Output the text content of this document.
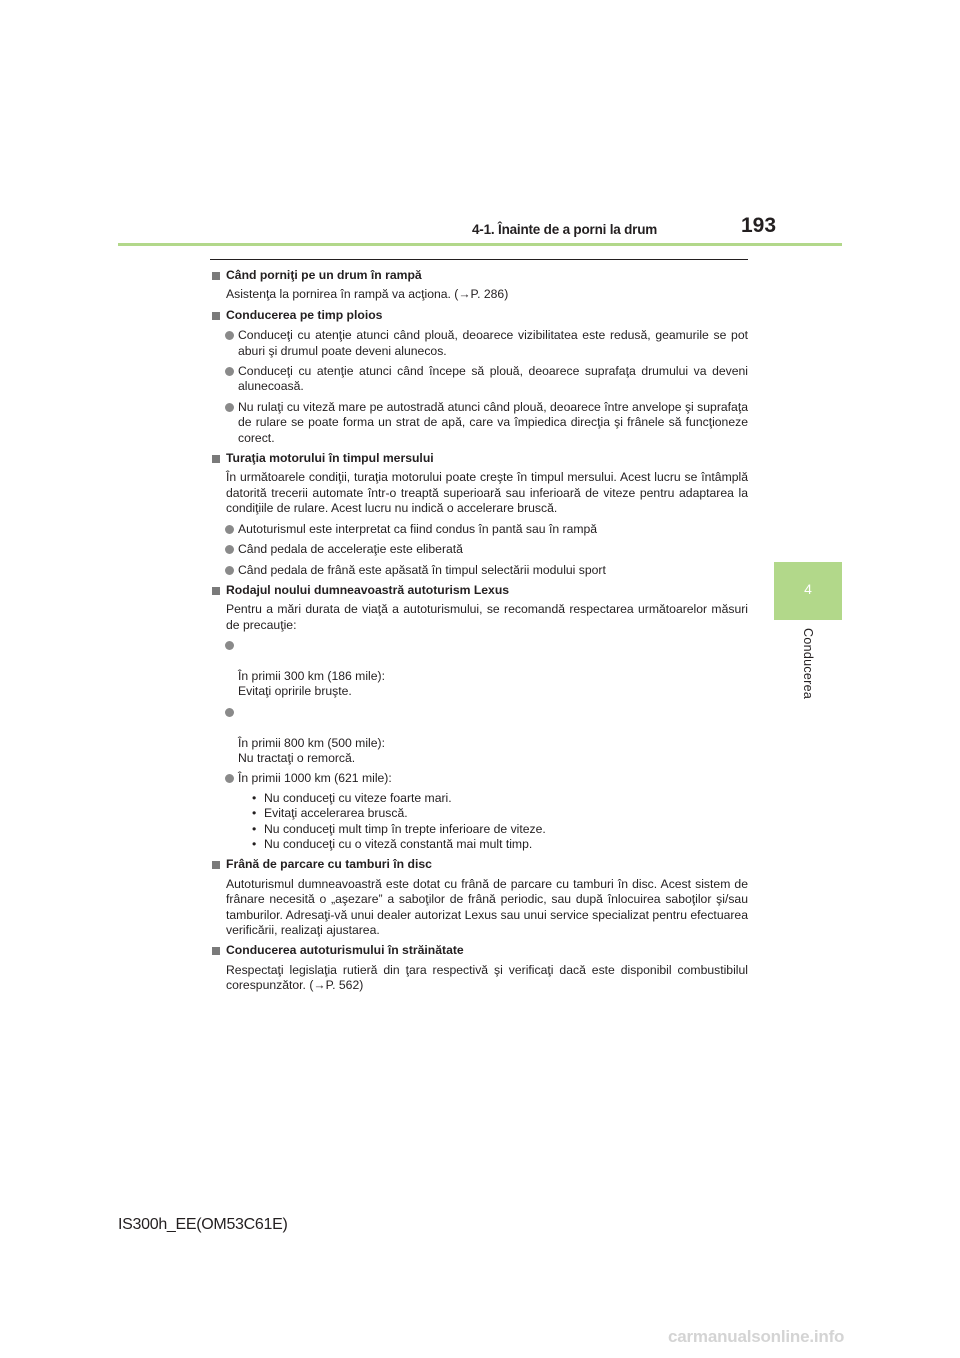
4-1. Înainte de a porni la drum	193
4
Conducerea
Când porniţi pe un drum în rampă
Asistenţa la pornirea în rampă va acţiona. (→P. 286)
Conducerea pe timp ploios
Conduceţi cu atenţie atunci când plouă, deoarece vizibilitatea este redusă, geamurile se pot aburi şi drumul poate deveni alunecos.
Conduceţi cu atenţie atunci când începe să plouă, deoarece suprafaţa drumului va deveni alunecoasă.
Nu rulaţi cu viteză mare pe autostradă atunci când plouă, deoarece între anvelope şi suprafaţa de rulare se poate forma un strat de apă, care va împiedica direcţia şi frânele să funcţioneze corect.
Turaţia motorului în timpul mersului
În următoarele condiţii, turaţia motorului poate creşte în timpul mersului. Acest lucru se întâmplă datorită trecerii automate într-o treaptă superioară sau inferioară de viteze pentru adaptarea la condiţiile de rulare. Acest lucru nu indică o accelerare bruscă.
Autoturismul este interpretat ca fiind condus în pantă sau în rampă
Când pedala de acceleraţie este eliberată
Când pedala de frână este apăsată în timpul selectării modului sport
Rodajul noului dumneavoastră autoturism Lexus
Pentru a mări durata de viaţă a autoturismului, se recomandă respectarea următoarelor măsuri de precauţie:

În primii 300 km (186 mile):
Evitaţi opririle bruşte.

În primii 800 km (500 mile):
Nu tractaţi o remorcă.

În primii 1000 km (621 mile):
• Nu conduceţi cu viteze foarte mari.
• Evitaţi accelerarea bruscă.
• Nu conduceţi mult timp în trepte inferioare de viteze.
• Nu conduceţi cu o viteză constantă mai mult timp.
Frână de parcare cu tamburi în disc
Autoturismul dumneavoastră este dotat cu frână de parcare cu tamburi în disc. Acest sistem de frânare necesită o „aşezare” a saboţilor de frână periodic, sau după înlocuirea saboţilor şi/sau tamburilor. Adresaţi-vă unui dealer autorizat Lexus sau unui service specializat pentru efectuarea verificării, realizaţi ajustarea.
Conducerea autoturismului în străinătate
Respectaţi legislaţia rutieră din ţara respectivă şi verificaţi dacă este disponibil combustibilul corespunzător. (→P. 562)
IS300h_EE(OM53C61E)
carmanualsonline.info
